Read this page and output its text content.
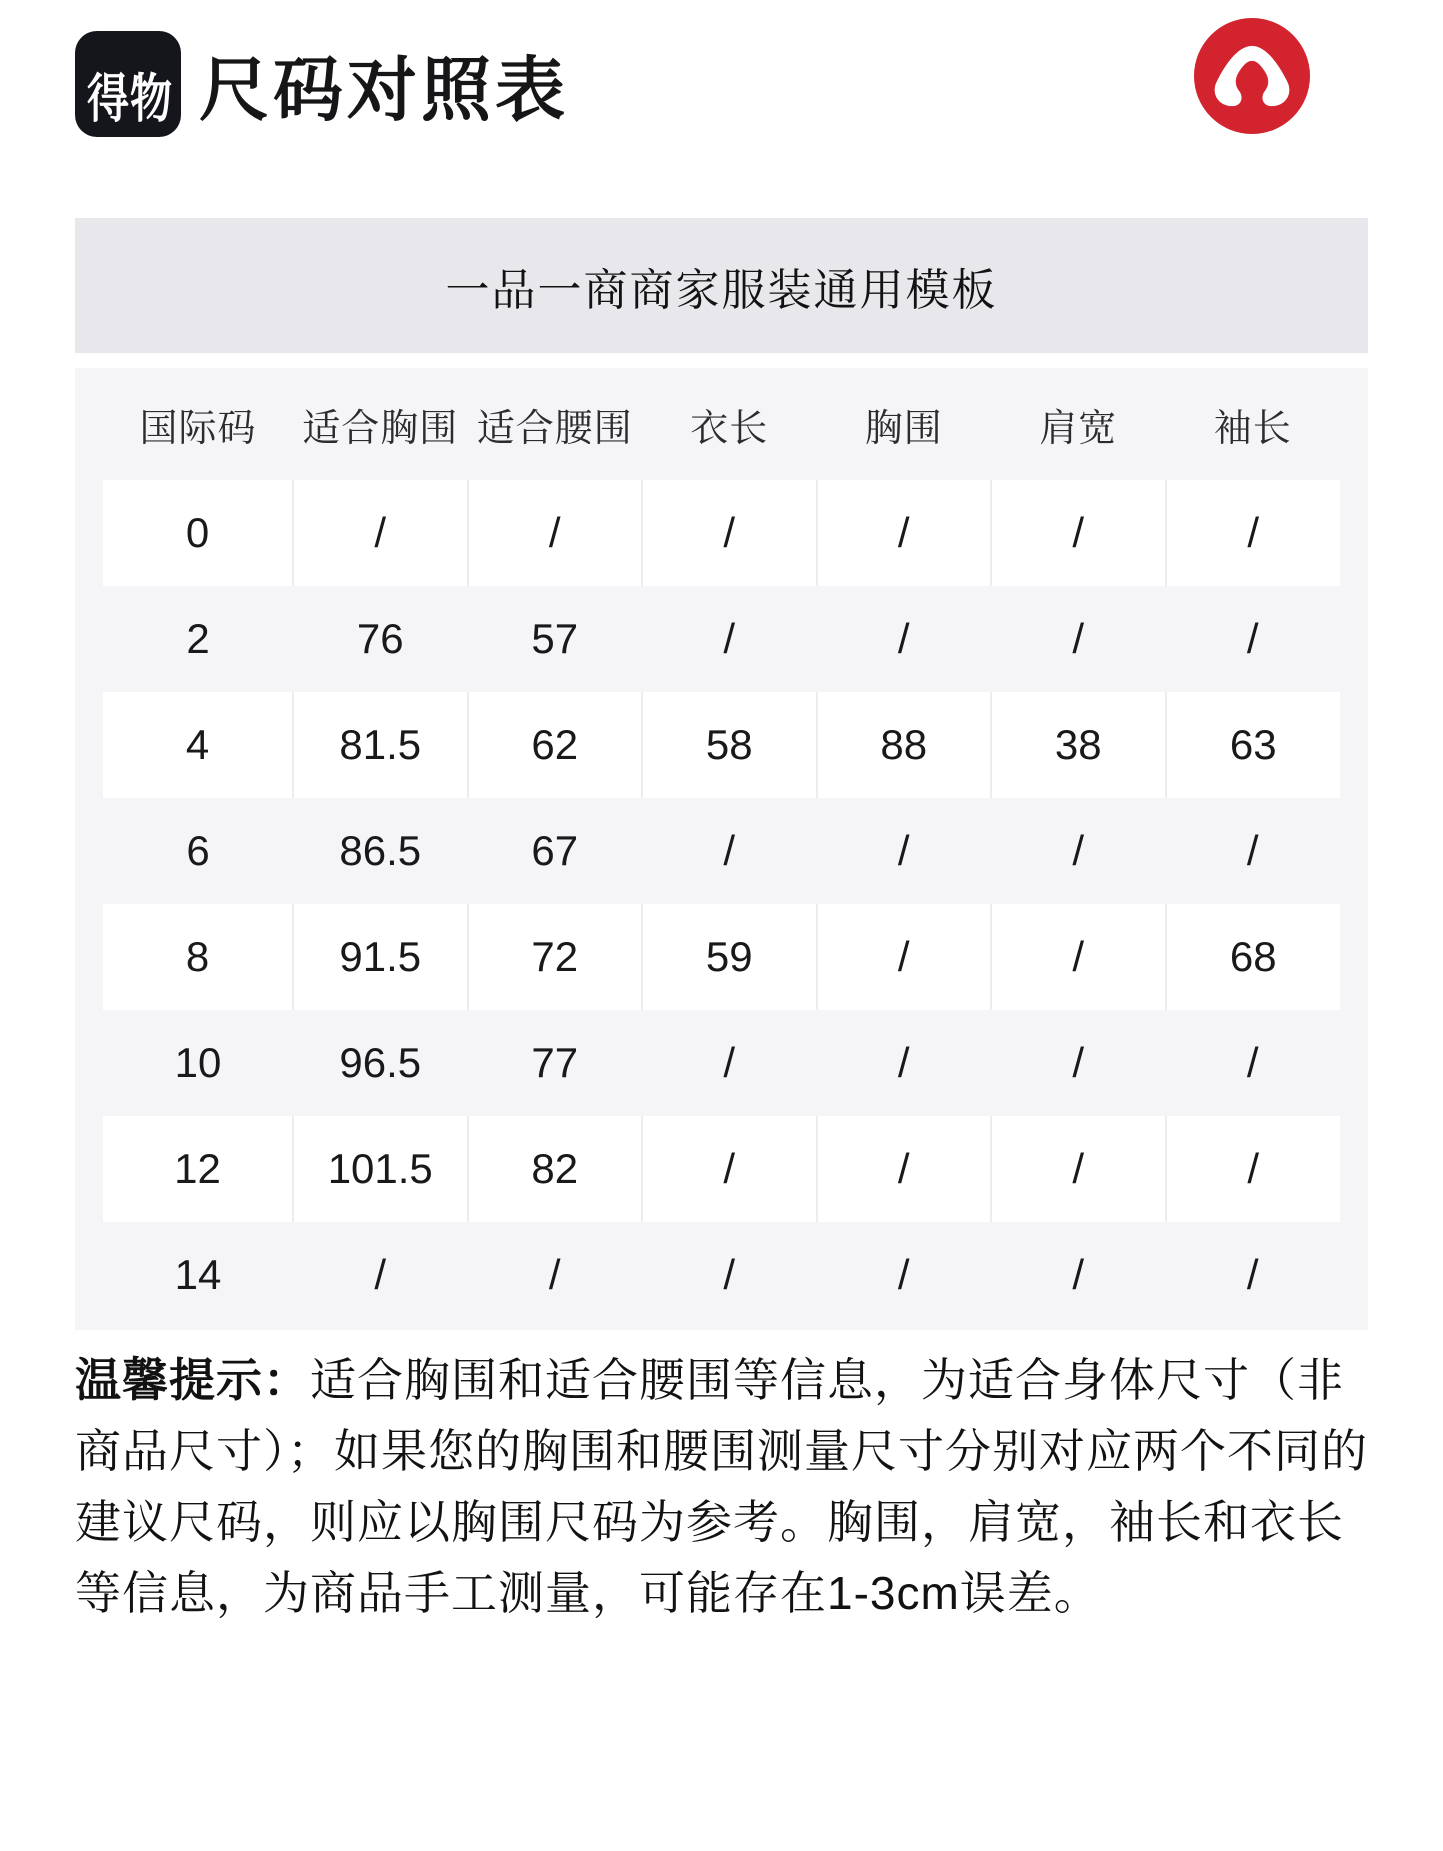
得物 尺码对照表
一品一商商家服装通用模板
国际码	适合胸围	适合腰围	衣长	胸围	肩宽	袖长
0	/	/	/	/	/	/
2	76	57	/	/	/	/
4	81.5	62	58	88	38	63
6	86.5	67	/	/	/	/
8	91.5	72	59	/	/	68
10	96.5	77	/	/	/	/
12	101.5	82	/	/	/	/
14	/	/	/	/	/	/

温馨提示：适合胸围和适合腰围等信息，为适合身体尺寸（非商品尺寸）；如果您的胸围和腰围测量尺寸分别对应两个不同的建议尺码，则应以胸围尺码为参考。胸围，肩宽，袖长和衣长等信息，为商品手工测量，可能存在1-3cm误差。
